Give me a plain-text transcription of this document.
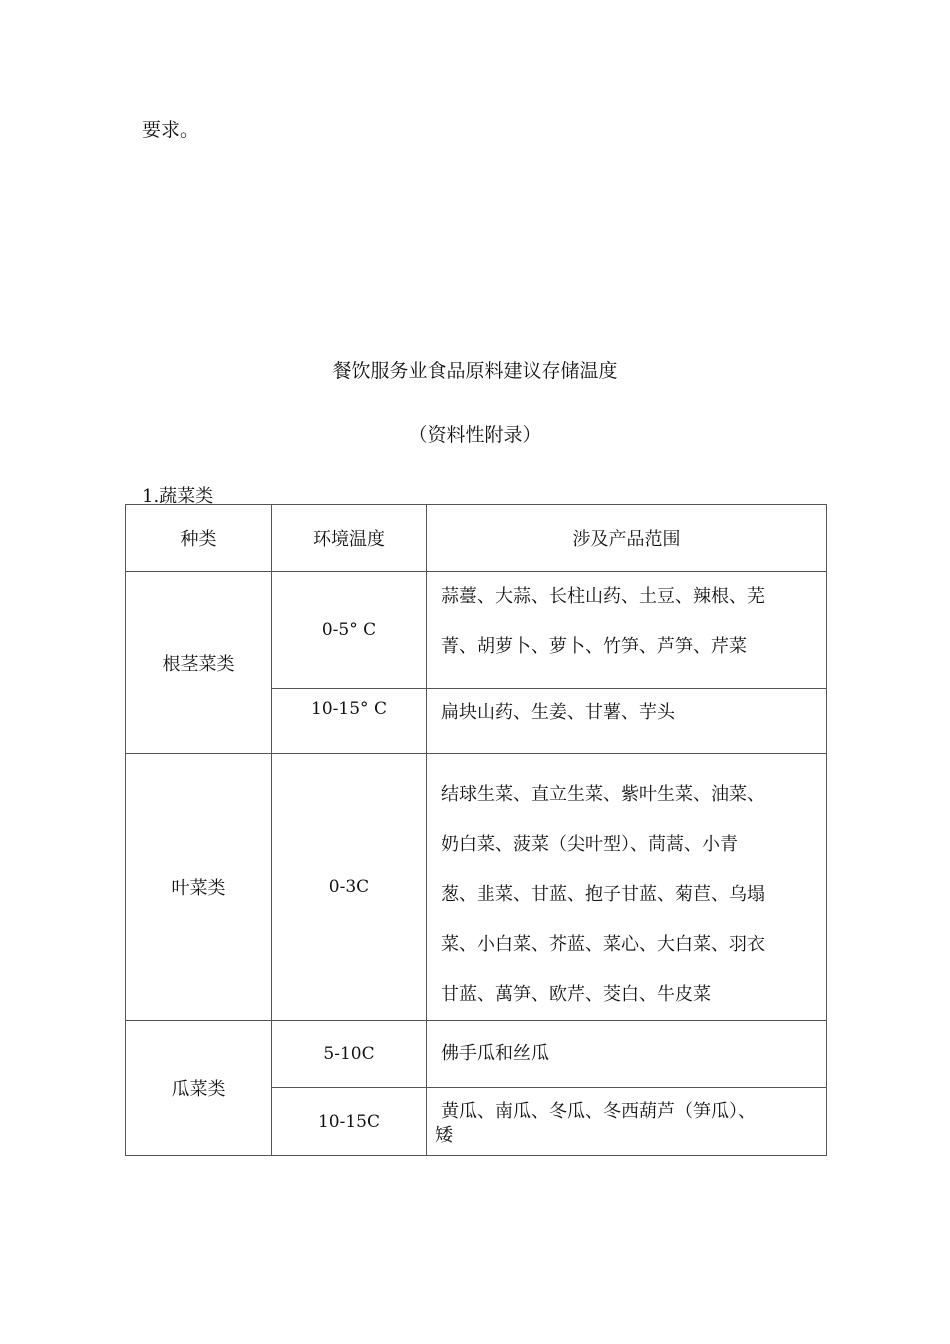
要求。
餐饮服务业食品原料建议存储温度
（资料性附录）
1.蔬菜类
种类	环境温度	涉及产品范围
根茎菜类	0-5° C	蒜薹、大蒜、长柱山药、土豆、辣根、芜
菁、胡萝卜、萝卜、竹笋、芦笋、芹菜

	10-15° C	扁块山药、生姜、甘薯、芋头

叶菜类	0-3C	结球生菜、直立生菜、紫叶生菜、油菜、
奶白菜、菠菜（尖叶型）、茼蒿、小青
葱、韭菜、甘蓝、抱子甘蓝、菊苣、乌塌
菜、小白菜、芥蓝、菜心、大白菜、羽衣
甘蓝、萬笋、欧芹、茭白、牛皮菜

瓜菜类	5-10C	佛手瓜和丝瓜

	10-15C	黄瓜、南瓜、冬瓜、冬西葫芦（笋瓜）、
矮
